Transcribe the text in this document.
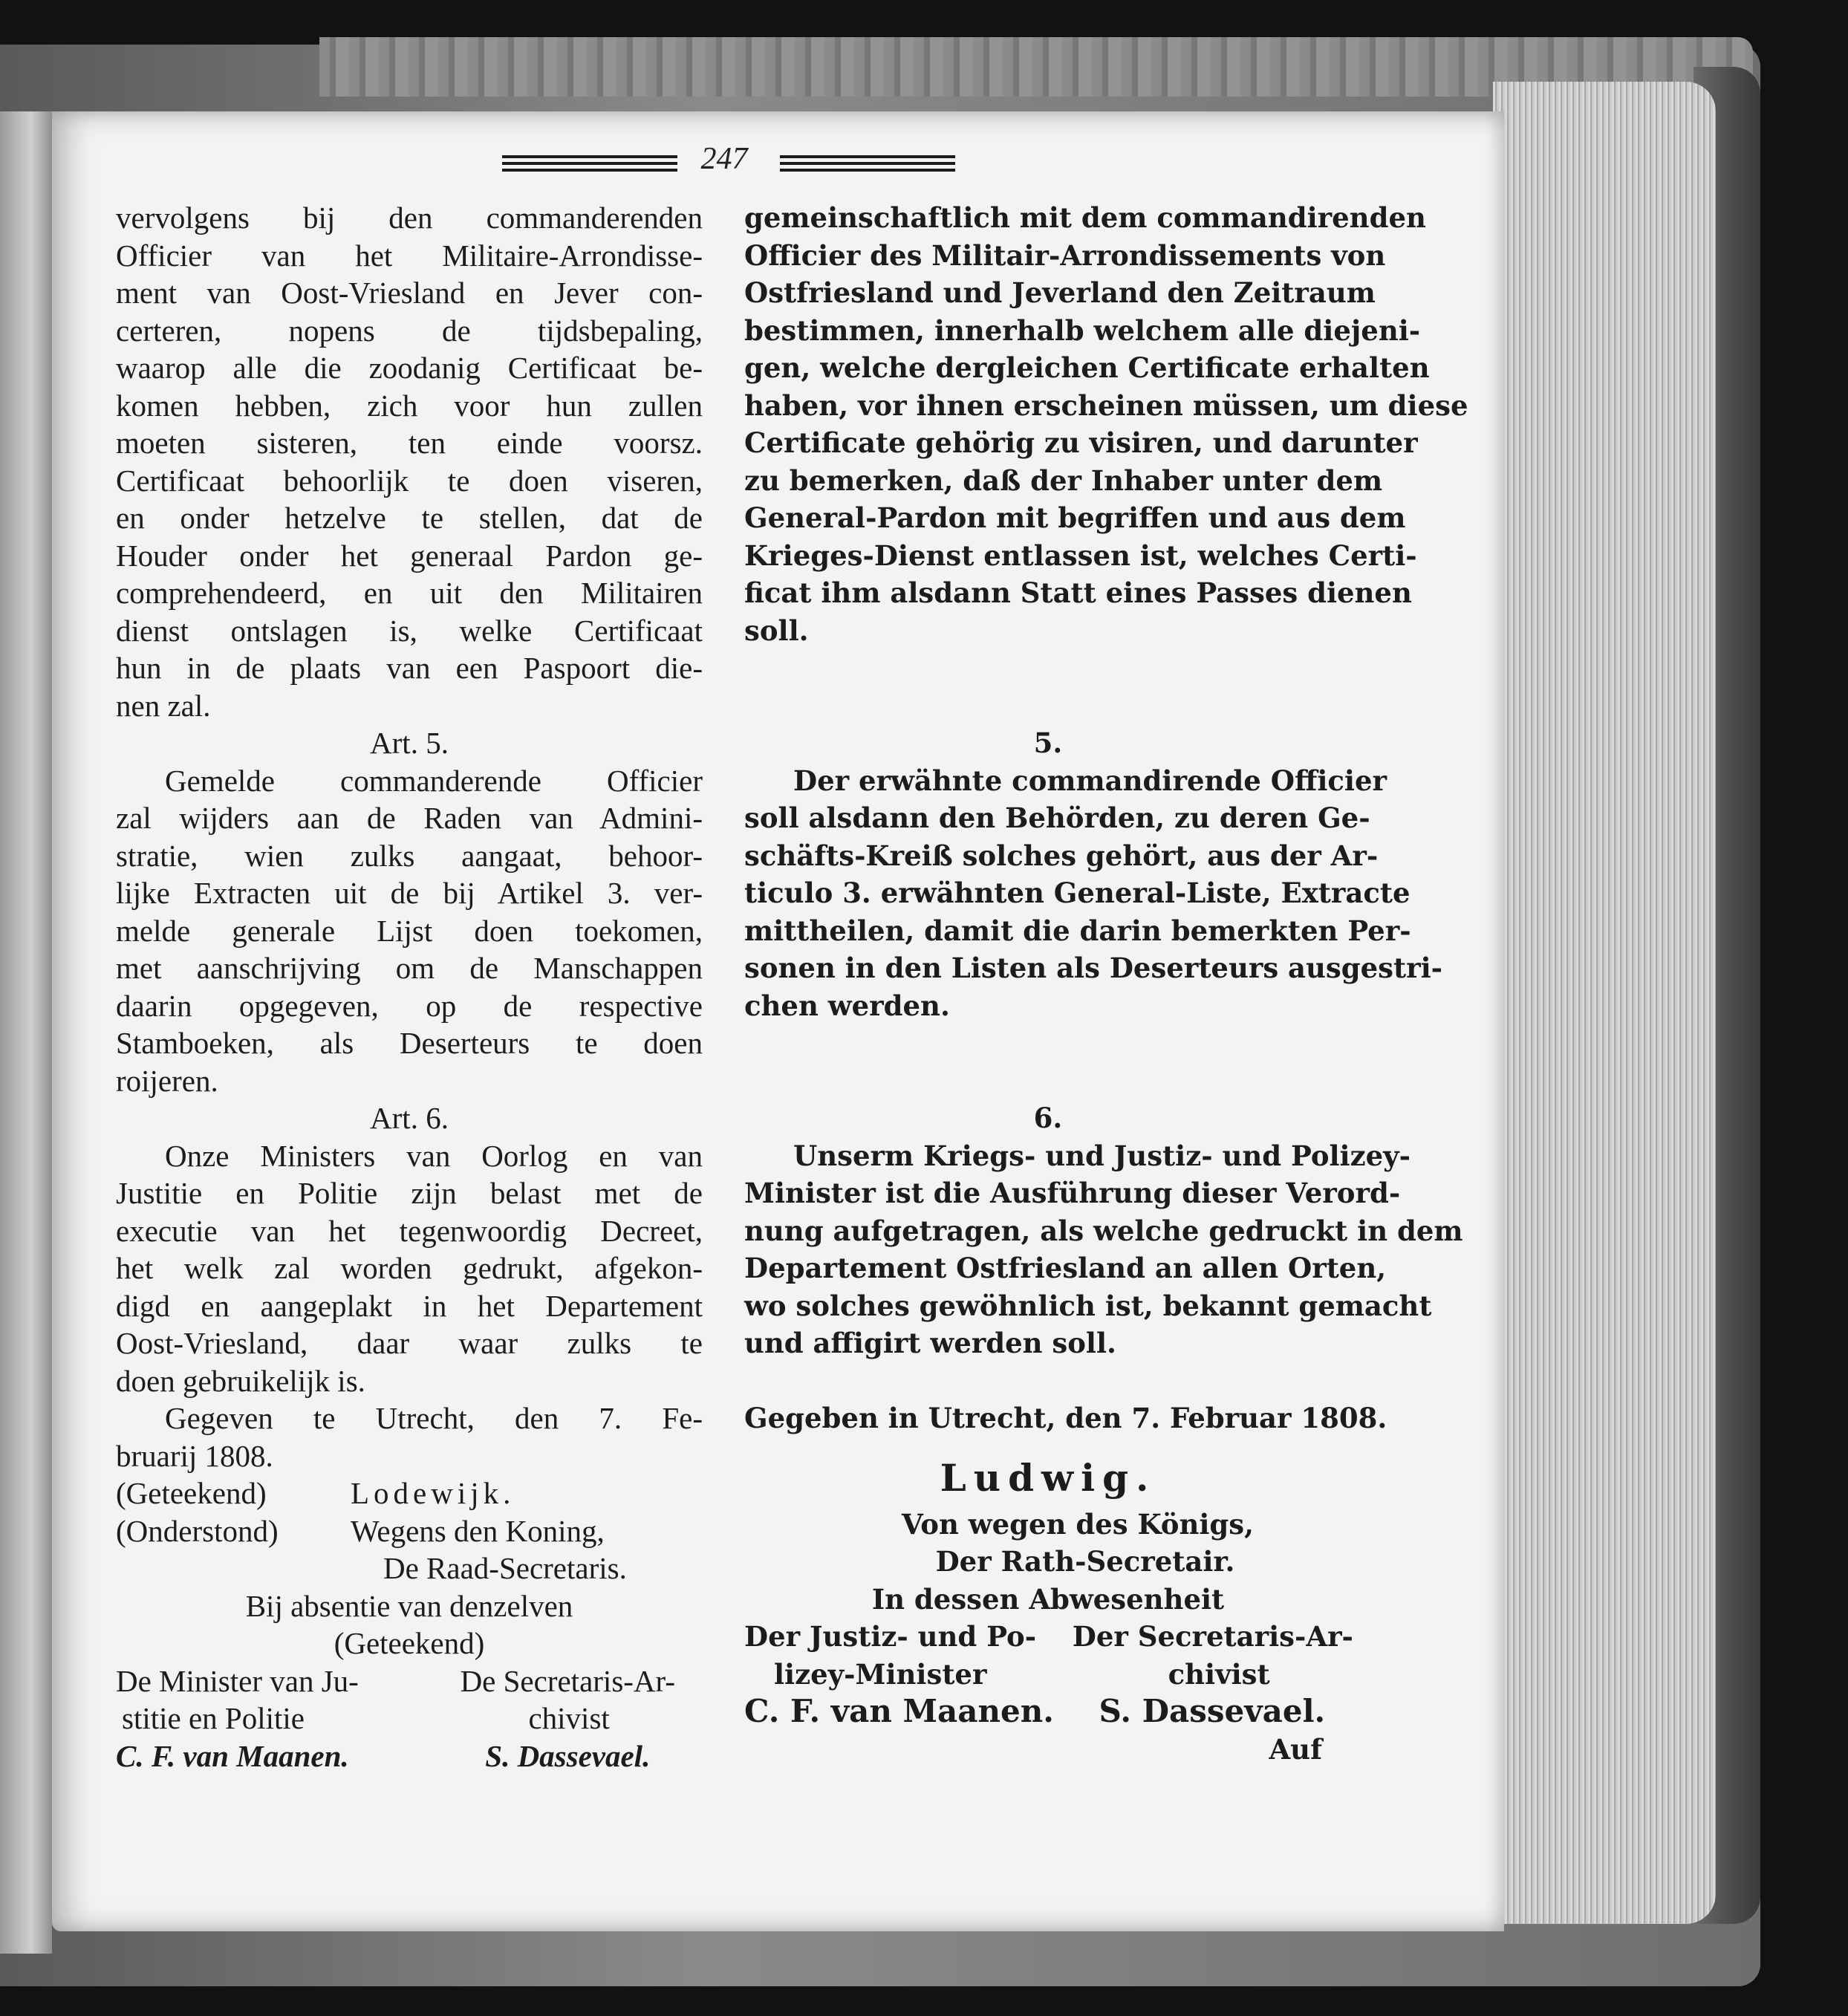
247
vervolgens bij den commanderenden
Officier van het Militaire-Arrondisse-
ment van Oost-Vriesland en Jever con-
certeren, nopens de tijdsbepaling,
waarop alle die zoodanig Certificaat be-
komen hebben, zich voor hun zullen
moeten sisteren, ten einde voorsz.
Certificaat behoorlijk te doen viseren,
en onder hetzelve te stellen, dat de
Houder onder het generaal Pardon ge-
comprehendeerd, en uit den Militairen
dienst ontslagen is, welke Certificaat
hun in de plaats van een Paspoort die-
nen zal.
Art. 5.
Gemelde commanderende Officier
zal wijders aan de Raden van Admini-
stratie, wien zulks aangaat, behoor-
lijke Extracten uit de bij Artikel 3. ver-
melde generale Lijst doen toekomen,
met aanschrijving om de Manschappen
daarin opgegeven, op de respective
Stamboeken, als Deserteurs te doen
roijeren.
Art. 6.
Onze Ministers van Oorlog en van
Justitie en Politie zijn belast met de
executie van het tegenwoordig Decreet,
het welk zal worden gedrukt, afgekon-
digd en aangeplakt in het Departement
Oost-Vriesland, daar waar zulks te
doen gebruikelijk is.
Gegeven te Utrecht, den 7. Fe-
bruarij 1808.
(Geteekend)	Lodewijk.
(Onderstond)	Wegens den Koning,
De Raad-Secretaris.
Bij absentie van denzelven
(Geteekend)
De Minister van Ju-	De Secretaris-Ar-
stitie en Politie	chivist
C. F. van Maanen.	S. Dassevael.
gemeinschaftlich mit dem commandirenden
Officier des Militair-Arrondissements von
Ostfriesland und Jeverland den Zeitraum
bestimmen, innerhalb welchem alle diejeni-
gen, welche dergleichen Certificate erhalten
haben, vor ihnen erscheinen müssen, um diese
Certificate gehörig zu visiren, und darunter
zu bemerken, daß der Inhaber unter dem
General-Pardon mit begriffen und aus dem
Krieges-Dienst entlassen ist, welches Certi-
ficat ihm alsdann Statt eines Passes dienen
soll.
5.
Der erwähnte commandirende Officier
soll alsdann den Behörden, zu deren Ge-
schäfts-Kreiß solches gehört, aus der Ar-
ticulo 3. erwähnten General-Liste, Extracte
mittheilen, damit die darin bemerkten Per-
sonen in den Listen als Deserteurs ausgestri-
chen werden.
6.
Unserm Kriegs- und Justiz- und Polizey-
Minister ist die Ausführung dieser Verord-
nung aufgetragen, als welche gedruckt in dem
Departement Ostfriesland an allen Orten,
wo solches gewöhnlich ist, bekannt gemacht
und affigirt werden soll.
Gegeben in Utrecht, den 7. Februar 1808.
Ludwig.
Von wegen des Königs,
Der Rath-Secretair.
In dessen Abwesenheit
Der Justiz- und Po-	Der Secretaris-Ar-
lizey-Minister	chivist
C. F. van Maanen.	S. Dassevael.
Auf
